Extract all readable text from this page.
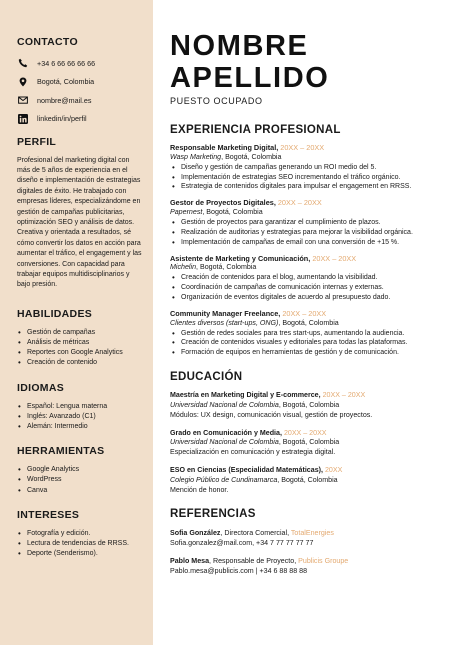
CONTACTO
+34 6 66 66 66 66
Bogotá, Colombia
nombre@mail.es
linkedin/in/perfil
PERFIL

Profesional del marketing digital con más de 5 años de experiencia en el diseño e implementación de estrategias digitales de éxito. He trabajado con empresas líderes, especializándome en gestión de campañas publicitarias, optimización SEO y análisis de datos. Creativa y orientada a resultados, sé cómo convertir los datos en acción para aumentar el tráfico, el engagement y las conversiones. Con capacidad para trabajar equipos multidisciplinarios y bajo presión.

HABILIDADES
• Gestión de campañas
• Análisis de métricas
• Reportes con Google Analytics
• Creación de contenido
IDIOMAS
• Español: Lengua materna
• Inglés: Avanzado (C1)
• Alemán: Intermedio
HERRAMIENTAS
• Google Analytics
• WordPress
• Canva
INTERESES
• Fotografía y edición.
• Lectura de tendencias de RRSS.
• Deporte (Senderismo).
NOMBRE APELLIDO
PUESTO OCUPADO
EXPERIENCIA PROFESIONAL
Responsable Marketing Digital, 20XX – 20XX
Wasp Marketing, Bogotá, Colombia
• Diseño y gestión de campañas generando un ROI medio del 5.
• Implementación de estrategias SEO incrementando el tráfico orgánico.
• Estrategia de contenidos digitales para impulsar el engagement en RRSS.
Gestor de Proyectos Digitales, 20XX – 20XX
Papernest, Bogotá, Colombia
• Gestión de proyectos para garantizar el cumplimiento de plazos.
• Realización de auditorias y estrategias para mejorar la visibilidad orgánica.
• Implementación de campañas de email con una conversión de +15 %.
Asistente de Marketing y Comunicación, 20XX – 20XX
Michelin, Bogotá, Colombia
• Creación de contenidos para el blog, aumentando la visibilidad.
• Coordinación de campañas de comunicación internas y externas.
• Organización de eventos digitales de acuerdo al presupuesto dado.
Community Manager Freelance, 20XX – 20XX
Clientes diversos (start-ups, ONG), Bogotá, Colombia
• Gestión de redes sociales para tres start-ups, aumentando la audiencia.
• Creación de contenidos visuales y editoriales para todas las plataformas.
• Formación de equipos en herramientas de gestión y de comunicación.
EDUCACIÓN
Maestría en Marketing Digital y E-commerce, 20XX – 20XX
Universidad Nacional de Colombia, Bogotá, Colombia
Módulos: UX design, comunicación visual, gestión de proyectos.
Grado en Comunicación y Media, 20XX – 20XX
Universidad Nacional de Colombia, Bogotá, Colombia
Especialización en comunicación y estrategia digital.
ESO en Ciencias (Especialidad Matemáticas), 20XX
Colegio Público de Cundinamarca, Bogotá, Colombia
Mención de honor.
REFERENCIAS
Sofia González, Directora Comercial, TotalEnergies
Sofia.gonzalez@mail.com, +34 7 77 77 77 77
Pablo Mesa, Responsable de Proyecto, Publicis Groupe
Pablo.mesa@publicis.com | +34 6 88 88 88
